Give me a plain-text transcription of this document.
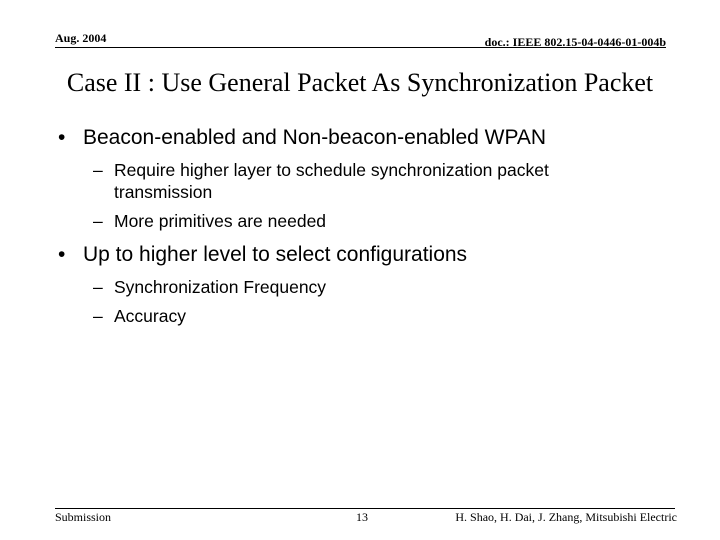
Aug. 2004	doc.: IEEE 802.15-04-0446-01-004b
Case II : Use General Packet As Synchronization Packet
• Beacon-enabled and Non-beacon-enabled WPAN
– Require higher layer to schedule synchronization packet transmission
– More primitives are needed
• Up to higher level to select configurations
– Synchronization Frequency
– Accuracy
Submission	13	H. Shao, H. Dai, J. Zhang, Mitsubishi Electric
